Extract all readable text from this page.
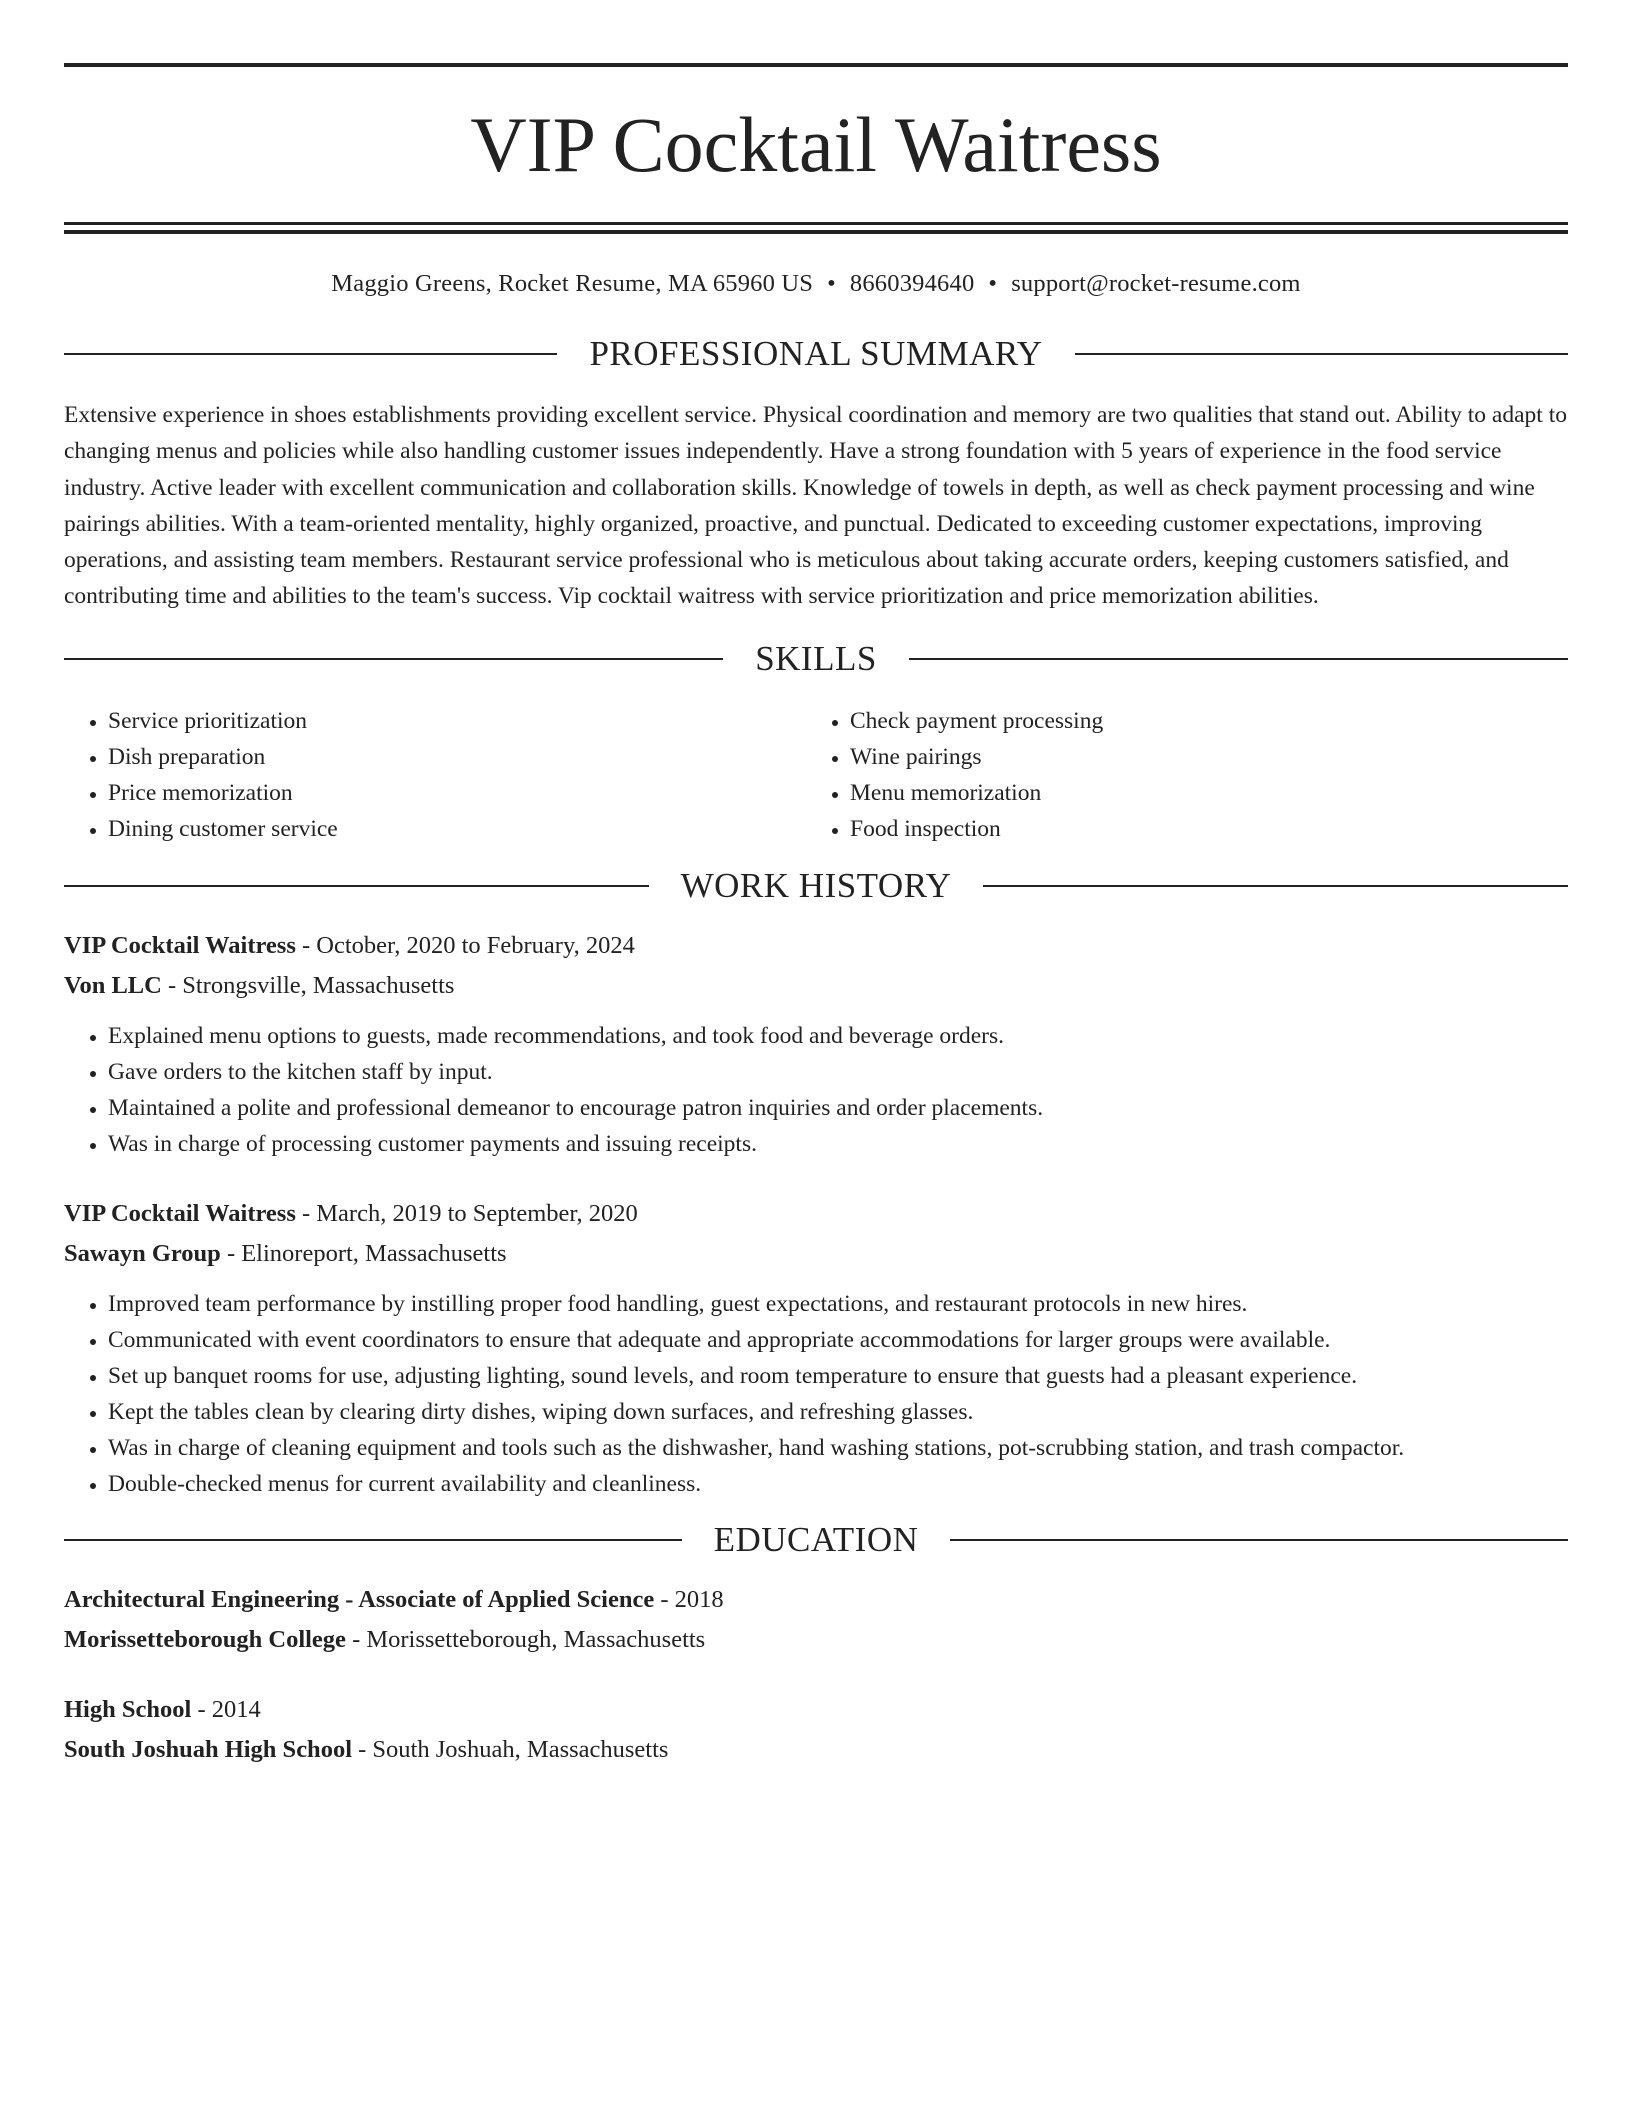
VIP Cocktail Waitress
Maggio Greens, Rocket Resume, MA 65960 US • 8660394640 • support@rocket-resume.com
PROFESSIONAL SUMMARY
Extensive experience in shoes establishments providing excellent service. Physical coordination and memory are two qualities that stand out. Ability to adapt to changing menus and policies while also handling customer issues independently. Have a strong foundation with 5 years of experience in the food service industry. Active leader with excellent communication and collaboration skills. Knowledge of towels in depth, as well as check payment processing and wine pairings abilities. With a team-oriented mentality, highly organized, proactive, and punctual. Dedicated to exceeding customer expectations, improving operations, and assisting team members. Restaurant service professional who is meticulous about taking accurate orders, keeping customers satisfied, and contributing time and abilities to the team's success. Vip cocktail waitress with service prioritization and price memorization abilities.
SKILLS
• Service prioritization
• Dish preparation
• Price memorization
• Dining customer service
• Check payment processing
• Wine pairings
• Menu memorization
• Food inspection
WORK HISTORY
VIP Cocktail Waitress - October, 2020 to February, 2024
Von LLC - Strongsville, Massachusetts
• Explained menu options to guests, made recommendations, and took food and beverage orders.
• Gave orders to the kitchen staff by input.
• Maintained a polite and professional demeanor to encourage patron inquiries and order placements.
• Was in charge of processing customer payments and issuing receipts.
VIP Cocktail Waitress - March, 2019 to September, 2020
Sawayn Group - Elinoreport, Massachusetts
• Improved team performance by instilling proper food handling, guest expectations, and restaurant protocols in new hires.
• Communicated with event coordinators to ensure that adequate and appropriate accommodations for larger groups were available.
• Set up banquet rooms for use, adjusting lighting, sound levels, and room temperature to ensure that guests had a pleasant experience.
• Kept the tables clean by clearing dirty dishes, wiping down surfaces, and refreshing glasses.
• Was in charge of cleaning equipment and tools such as the dishwasher, hand washing stations, pot-scrubbing station, and trash compactor.
• Double-checked menus for current availability and cleanliness.
EDUCATION
Architectural Engineering - Associate of Applied Science - 2018
Morissetteborough College - Morissetteborough, Massachusetts
High School - 2014
South Joshuah High School - South Joshuah, Massachusetts
